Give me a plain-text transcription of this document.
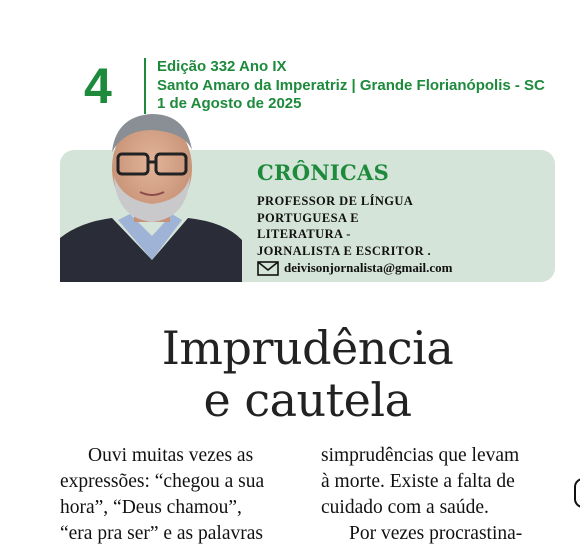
4	Edição 332 Ano IX
Santo Amaro da Imperatriz | Grande Florianópolis - SC
1 de Agosto de 2025
CRÔNICAS
PROFESSOR DE LÍNGUA
PORTUGUESA E
LITERATURA -
JORNALISTA E ESCRITOR .
deivisonjornalista@gmail.com
Imprudência
e cautela

Ouvi muitas vezes as

expressões: “chegou a sua

hora”, “Deus chamou”,

“era pra ser” e as palavras

simprudências que levam

à morte. Existe a falta de

cuidado com a saúde.

Por vezes procrastina-
